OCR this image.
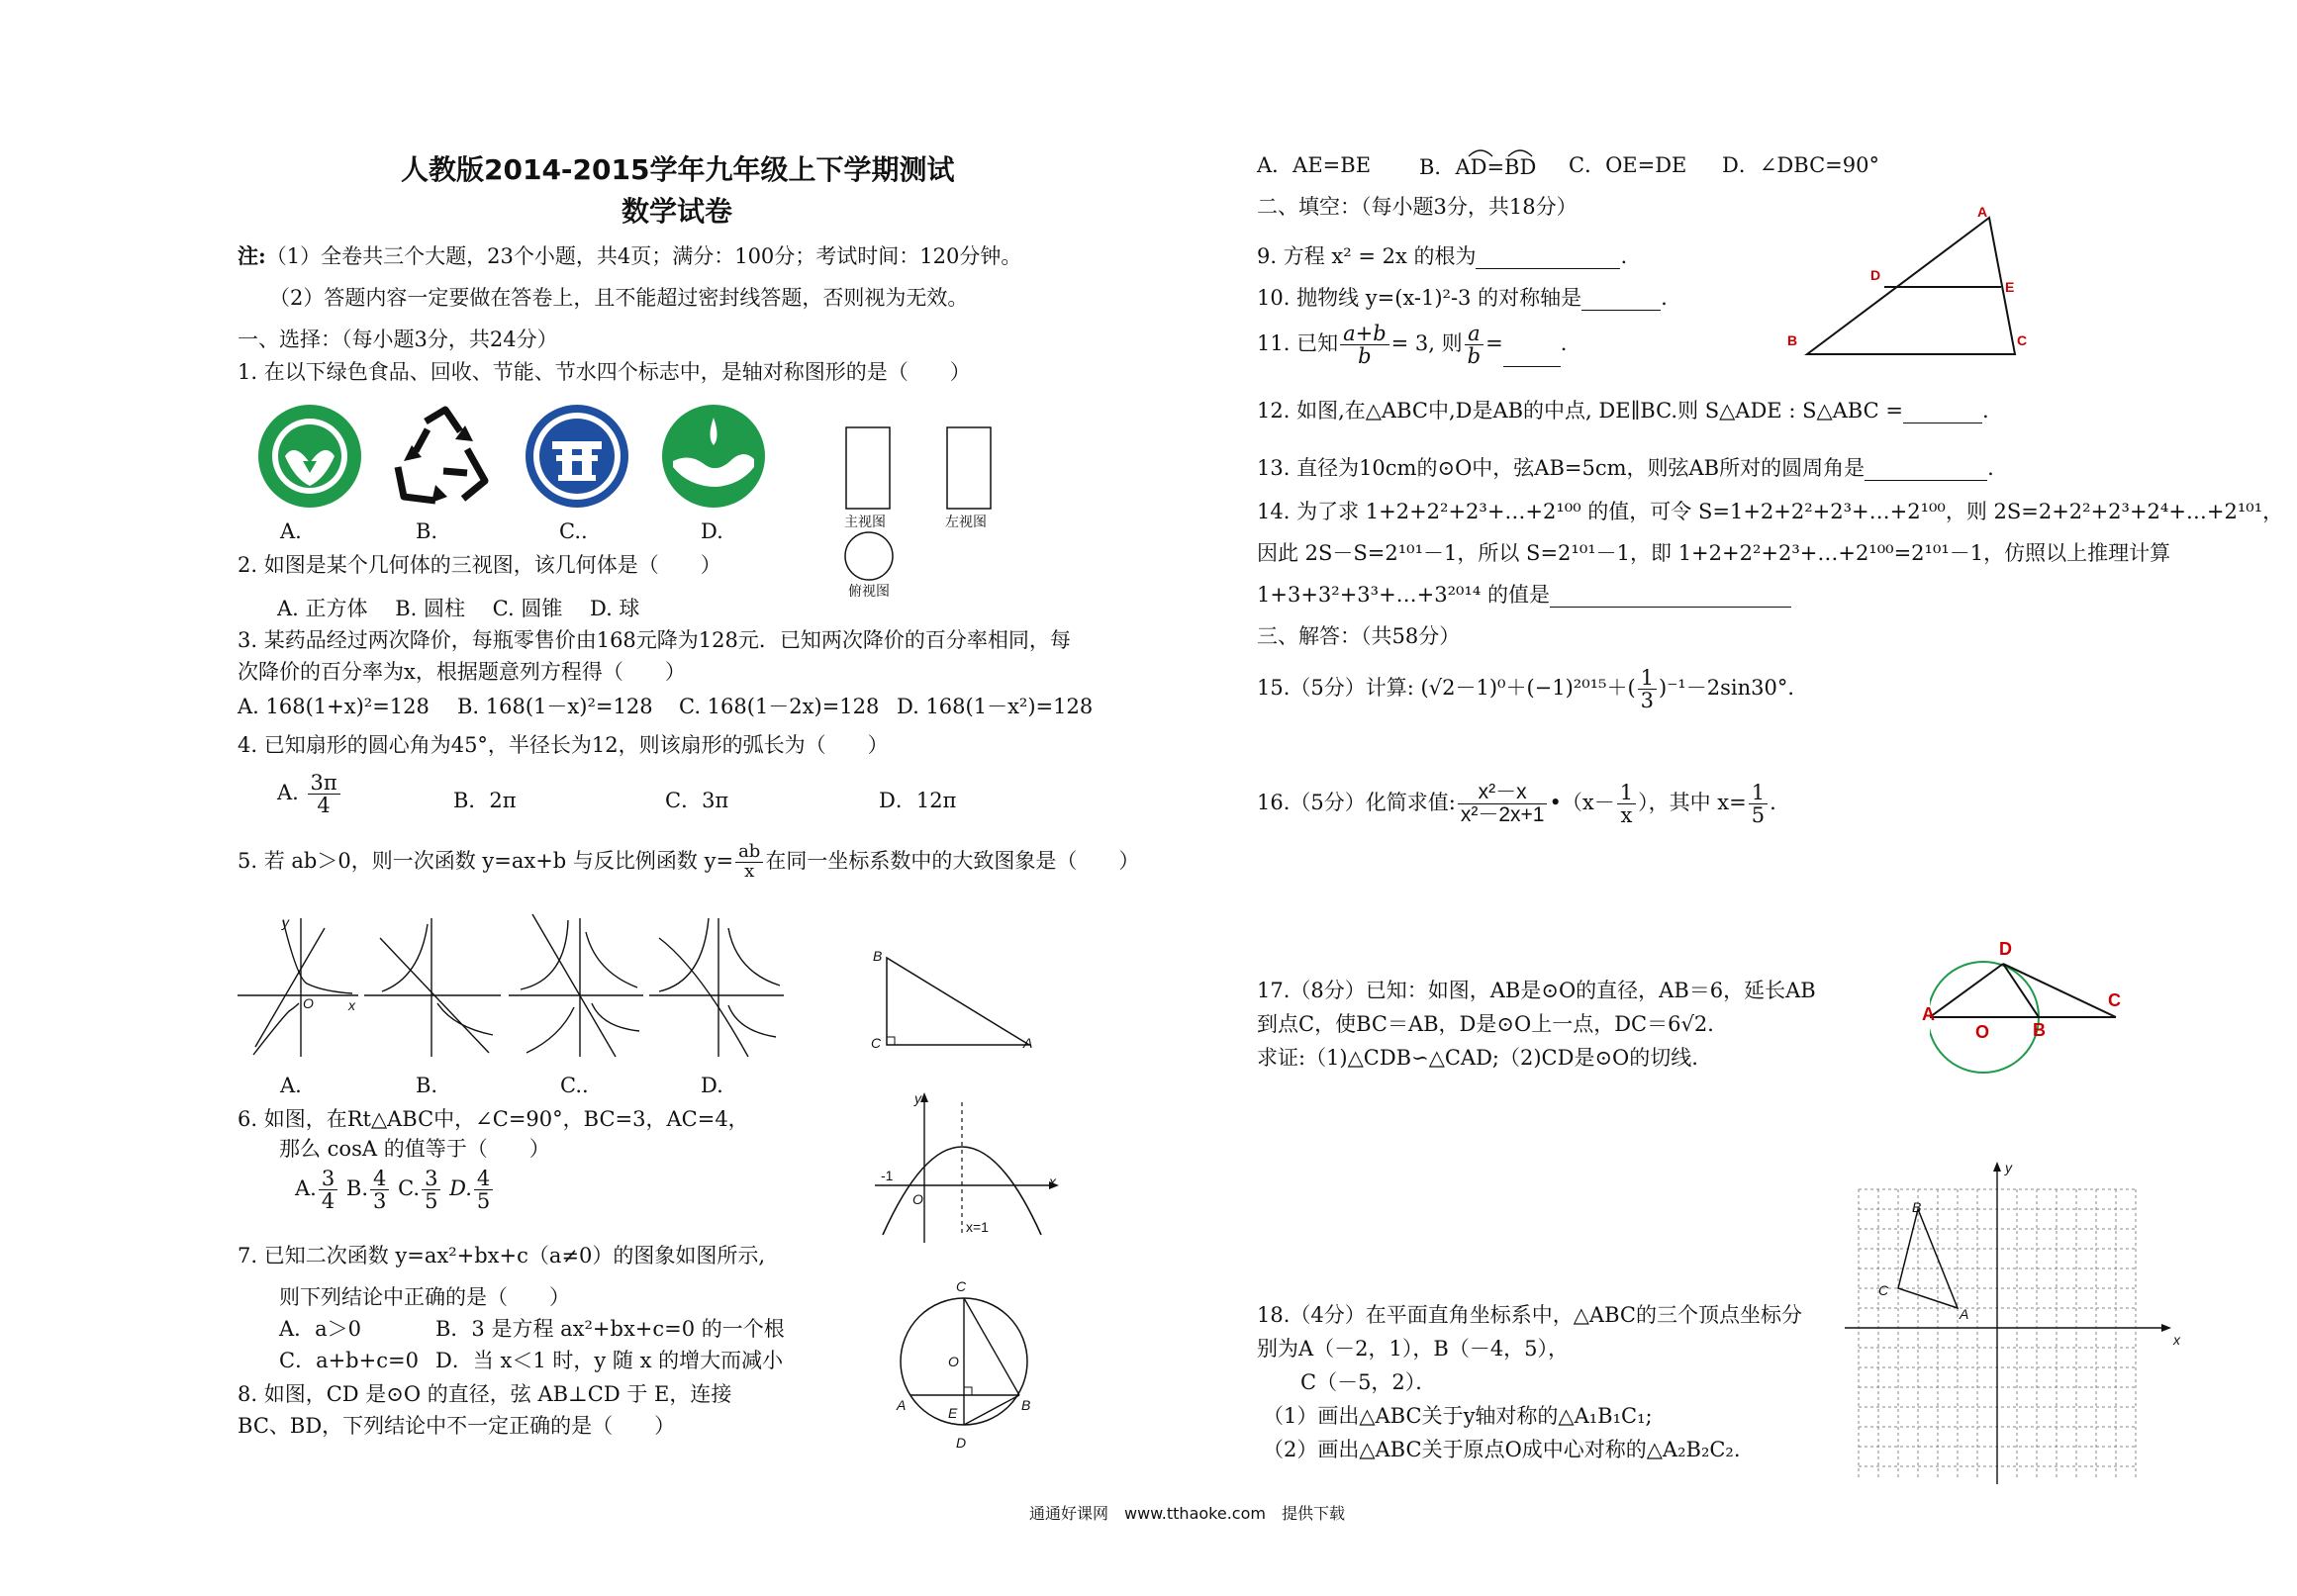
人教版2014-2015学年九年级上下学期测试
数学试卷
注:（1）全卷共三个大题，23个小题，共4页；满分：100分；考试时间：120分钟。
（2）答题内容一定要做在答卷上，且不能超过密封线答题，否则视为无效。
一、选择：（每小题3分，共24分）
1. 在以下绿色食品、回收、节能、节水四个标志中，是轴对称图形的是（　　）
A.	B.	C..	D.	主视图	左视图
俯视图
2. 如图是某个几何体的三视图，该几何体是（　　）
A. 正方体　 B. 圆柱　 C. 圆锥　 D. 球
3. 某药品经过两次降价，每瓶零售价由168元降为128元．已知两次降价的百分率相同，每
次降价的百分率为x，根据题意列方程得（　　）
A. 168(1+x)²=128 B. 168(1－x)²=128 C. 168(1－2x)=128 D. 168(1－x²)=128
4. 已知扇形的圆心角为45°，半径长为12，则该扇形的弧长为（　　）
A. $\frac{3\pi}{4}$	B．2π	C．3π	D．12π
5. 若 ab＞0，则一次函数 y=ax+b 与反比例函数 $y= \frac{ab}{x}$ 在同一坐标系数中的大致图象是（　　）
y
O	x
A.	B.	C..	D.
B
C	A
6. 如图，在Rt△ABC中，∠C=90°，BC=3，AC=4，
那么 cosA 的值等于（　　）
A. $\frac{3}{4} B$. $\frac{4}{3} C$. $\frac{3}{5} D$. $\frac{4}{5}$
y
-1
O
x
x=1
7. 已知二次函数 y=ax²+bx+c（a≠0）的图象如图所示,
则下列结论中正确的是（　　）
A．a＞0	B．3 是方程 ax²+bx+c=0 的一个根
C．a+b+c=0 D．当 x＜1 时，y 随 x 的增大而减小
C
O
A	E	B
D
8. 如图，CD 是⊙O 的直径，弦 AB⊥CD 于 E，连接
BC、BD，下列结论中不一定正确的是（　　）
A．AE=BE B．AD=BD C．OE=DE D．∠DBC=90°
二、填空：（每小题3分，共18分）
9. 方程 x² = 2x 的根为	.
10. 抛物线 y=(x-1)²-3 的对称轴是	.
11. 已知 $\frac{a+b}{b} = 3$, 则 $\frac{a}{b}$ =	.
A
D
E
B	C
12. 如图,在△ABC中,D是AB的中点, DE∥BC.则 S△ADE : S△ABC =	.
13. 直径为10cm的⊙O中，弦AB=5cm，则弦AB所对的圆周角是	.
14. 为了求 1+2+2²+2³+…+2¹⁰⁰ 的值，可令 S=1+2+2²+2³+…+2¹⁰⁰，则 2S=2+2²+2³+2⁴+…+2¹⁰¹，
因此 2S－S=2¹⁰¹－1，所以 S=2¹⁰¹－1，即 1+2+2²+2³+…+2¹⁰⁰=2¹⁰¹－1，仿照以上推理计算
1+3+3²+3³+…+3²⁰¹⁴ 的值是
三、解答：（共58分）
15.（5分）计算: $(√2-1)^0+(-1)^{2015}+( \frac{1}{3} )^{-1}-2\sin 30^\circ$．
16.（5分）化简求值: $\frac{\text{x²－x}}{\text{x²－2x+1}}$ •（x－ $\frac{1}{x}$ ），其中 $x= \frac{1}{5}$ .
17.（8分）已知：如图，AB是⊙O的直径，AB＝6，延长AB
到点C，使BC＝AB，D是⊙O上一点，DC＝6√2．
求证:（1)△CDB∽△CAD;（2)CD是⊙O的切线.
D
A
O B
C
18.（4分）在平面直角坐标系中，△ABC的三个顶点坐标分
别为A（－2，1），B（－4，5），
C（－5，2）．
（1）画出△ABC关于y轴对称的△A₁B₁C₁;
（2）画出△ABC关于原点O成中心对称的△A₂B₂C₂.
y
x
B
C
A
通通好课网　www.tthaoke.com　提供下载
